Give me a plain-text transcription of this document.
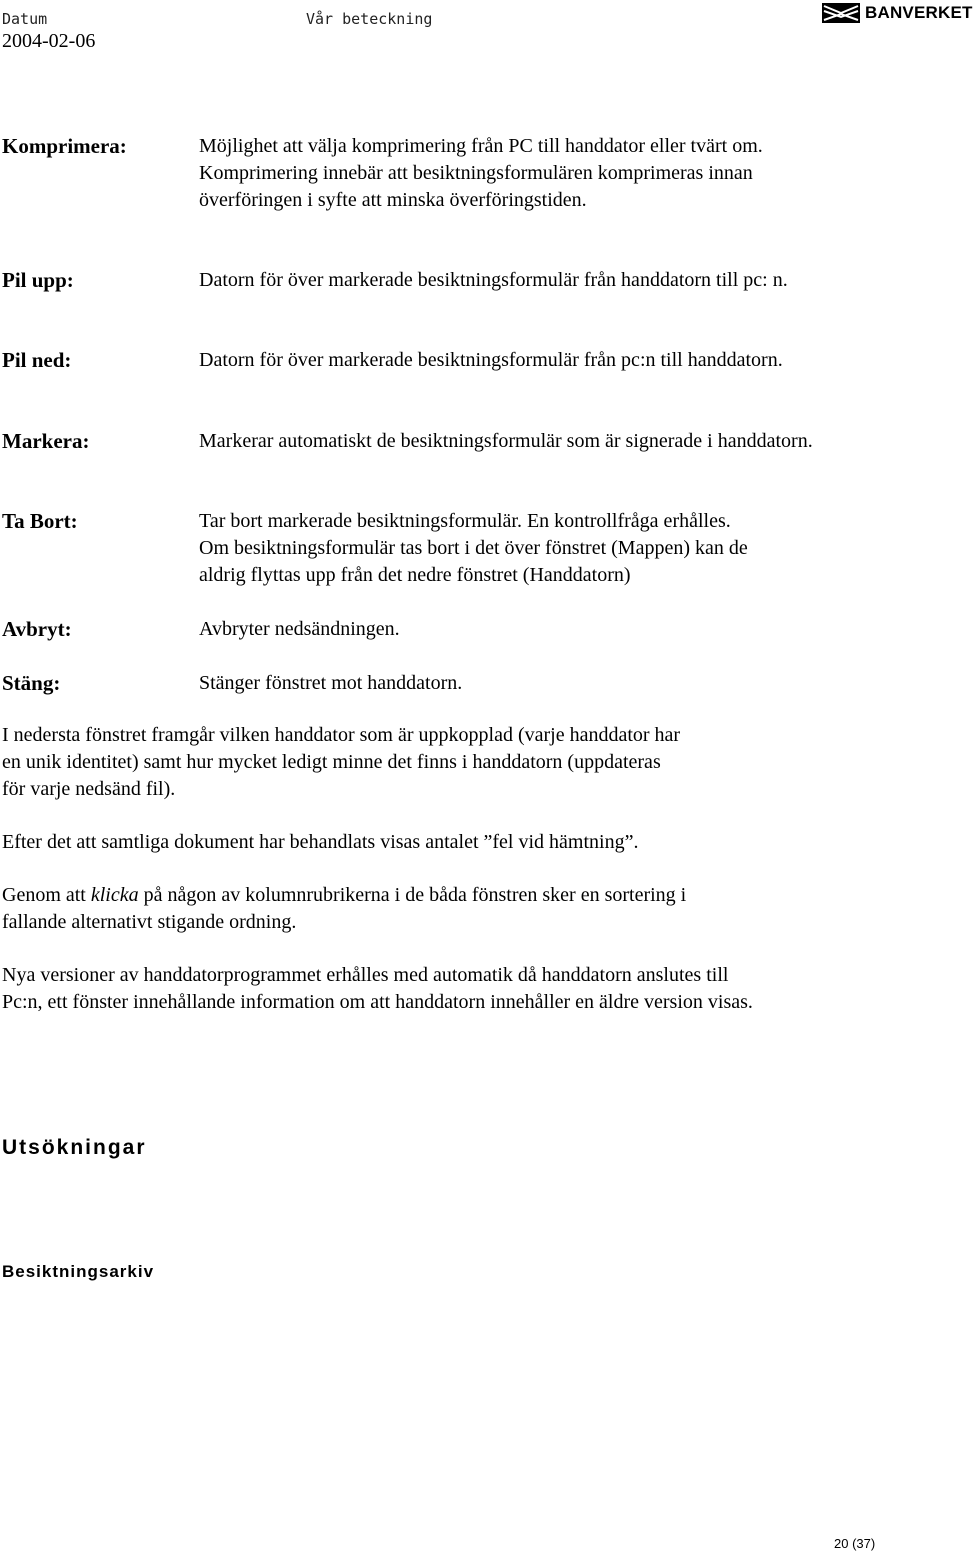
Datum
2004-02-06
Vår beteckning	BANVERKET
Komprimera:	Möjlighet att välja komprimering från PC till handdator eller tvärt om. Komprimering innebär att besiktningsformulären komprimeras innan överföringen i syfte att minska överföringstiden.
Pil upp:	Datorn för över markerade besiktningsformulär från handdatorn till pc: n.
Pil ned:	Datorn för över markerade besiktningsformulär från pc:n till handdatorn.
Markera:	Markerar automatiskt de besiktningsformulär som är signerade i handdatorn.
Ta Bort:	Tar bort markerade besiktningsformulär. En kontrollfråga erhålles. Om besiktningsformulär tas bort i det över fönstret (Mappen) kan de aldrig flyttas upp från det nedre fönstret (Handdatorn)
Avbryt:	Avbryter nedsändningen.
Stäng:	Stänger fönstret mot handdatorn.
I nedersta fönstret framgår vilken handdator som är uppkopplad (varje handdator har en unik identitet) samt hur mycket ledigt minne det finns i handdatorn (uppdateras för varje nedsänd fil).
Efter det att samtliga dokument har behandlats visas antalet ”fel vid hämtning”.
Genom att klicka på någon av kolumnrubrikerna i de båda fönstren sker en sortering i fallande alternativt stigande ordning.
Nya versioner av handdatorprogrammet erhålles med automatik då handdatorn anslutes till Pc:n, ett fönster innehållande information om att handdatorn innehåller en äldre version visas.
Utsökningar
Besiktningsarkiv
20 (37)
